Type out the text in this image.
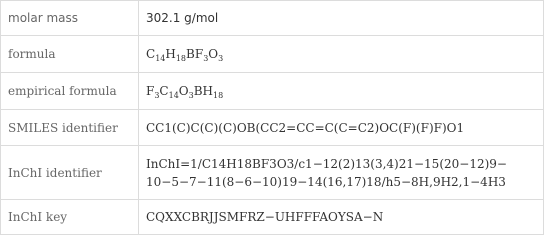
molar mass	302.1 g/mol
formula	$C_{14}H_{18}BF_3O_3$
empirical formula	$F_3C_{14}O_3BH_{18}$
SMILES identifier	CC1(C)C(C)(C)OB(CC2=CC=C(C=C2)OC(F)(F)F)O1
InChI identifier	InChI=1/C14H18BF3O3/c1−12(2)13(3,4)21−15(20−12)9−
10−5−7−11(8−6−10)19−14(16,17)18/h5−8H,9H2,1−4H3

InChI key	CQXXCBRJJSMFRZ−UHFFFAOYSA−N
